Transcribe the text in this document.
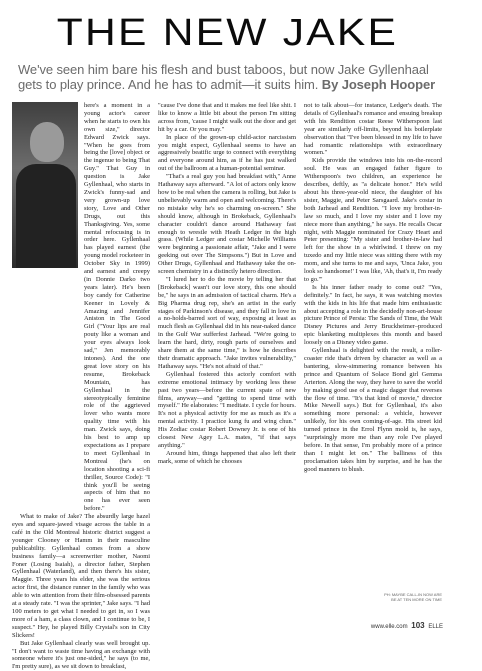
THE NEW JAKE
We've seen him bare his flesh and bust taboos, but now Jake Gyllenhaal gets to play prince. And he has to admit—it suits him. By Joseph Hooper

here's a moment in a young actor's career when he starts to own his own size," director Edward Zwick says. "When he goes from being the [love] object or the ingenue to being That Guy." That Guy in question is Jake Gyllenhaal, who starts in Zwick's funny-sad and very grown-up love story, Love and Other Drugs, out this Thanksgiving. Yes, some mental refocusing is in order here. Gyllenhaal has played earnest (the young model rocketeer in October Sky in 1999) and earnest and creepy (in Donnie Darko two years later). He's been boy candy for Catherine Keener in Lovely & Amazing and Jennifer Aniston in The Good Girl ("Your lips are real pouty like a woman and your eyes always look sad," Jen memorably intones). And the one great love story on his resume, Brokeback Mountain, has Gyllenhaal in the stereotypically feminine role of the aggrieved lover who wants more quality time with his man. Zwick says, doing his best to amp up expectations as I prepare to meet Gyllenhaal in Montreal (he's on location shooting a sci-fi thriller, Source Code): "I think you'll be seeing aspects of him that no one has ever seen before."

What to make of Jake? The absurdly large hazel eyes and square-jawed visage across the table in a café in the Old Montreal historic district suggest a younger Clooney or Hamm in their masculine publicability. Gyllenhaal comes from a show business family—a screenwriter mother, Naomi Foner (Losing Isaiah), a director father, Stephen Gyllenhaal (Waterland), and then there's his sister, Maggie. Three years his elder, she was the serious actor first, the distance runner in the family who was able to win attention from their film-obsessed parents at a steady rate. "I was the sprinter," Jake says. "I had 100 meters to get what I needed to get in, so I was more of a ham, a class clown, and I continue to be, I suspect." Hey, he played Billy Crystal's son in City Slickers!

But Jake Gyllenhaal clearly was well brought up. "I don't want to waste time having an exchange with someone where it's just one-sided," he says (to me, I'm pretty sure), as we sit down to breakfast,

"cause I've done that and it makes me feel like shit. I like to know a little bit about the person I'm sitting across from, 'cause I might walk out the door and get hit by a car. Or you may."

In place of the grown-up child-actor narcissism you might expect, Gyllenhaal seems to have an aggressively beatific urge to connect with everything and everyone around him, as if he has just walked out of the ballroom at a human-potential seminar.

"That's a real guy you had breakfast with," Anne Hathaway says afterward. "A lot of actors only know how to be real when the camera is rolling, but Jake is unbelievably warm and open and welcoming. There's no mistake why he's so charming on-screen." She should know, although in Brokeback, Gyllenhaal's character couldn't dance around Hathaway fast enough to wrestle with Heath Ledger in the high grass. (While Ledger and costar Michelle Williams were beginning a passionate affair, "Jake and I were geeking out over The Simpsons.") But in Love and Other Drugs, Gyllenhaal and Hathaway take the on-screen chemistry in a distinctly hetero direction.

"I lured her to do the movie by telling her that [Brokeback] wasn't our love story, this one should be," he says in an admission of tactical charm. He's a Big Pharma drug rep, she's an artist in the early stages of Parkinson's disease, and they fall in love in a no-holds-barred sort of way, exposing at least as much flesh as Gyllenhaal did in his near-naked dance in the Gulf War sufferfest Jarhead. "We're going to learn the hard, dirty, rough parts of ourselves and share them at the same time," is how he describes their dramatic approach. "Jake invites vulnerability," Hathaway says. "He's not afraid of that."

Gyllenhaal fostered this actorly comfort with extreme emotional intimacy by working less these past two years—before the current spate of new films, anyway—and "getting to spend time with myself." He elaborates: "I meditate. I cycle for hours. It's not a physical activity for me as much as it's a mental activity. I practice kung fu and wing chun." His Zodiac costar Robert Downey Jr. is one of his closest New Agey L.A. mates, "if that says anything."

Around him, things happened that also left their mark, some of which he chooses

not to talk about—for instance, Ledger's death. The details of Gyllenhaal's romance and ensuing breakup with his Rendition costar Reese Witherspoon last year are similarly off-limits, beyond his boilerplate observation that "I've been blessed in my life to have had romantic relationships with extraordinary women."

Kids provide the windows into his on-the-record soul. He was an engaged father figure to Witherspoon's two children, an experience he describes, deftly, as "a delicate honor." He's wild about his three-year-old niece, the daughter of his sister, Maggie, and Peter Sarsgaard. Jake's costar in both Jarhead and Rendition. "I love my brother-in-law so much, and I love my sister and I love my niece more than anything," he says. He recalls Oscar night, with Maggie nominated for Crazy Heart and Peter presenting: "My sister and brother-in-law had left for the show in a whirlwind. I threw on my tuxedo and my little niece was sitting there with my mom, and she turns to me and says, 'Unca Jake, you look so handsome!' I was like, 'Ah, that's it, I'm ready to go.'"

Is his inner father ready to come out? "Yes, definitely." In fact, he says, it was watching movies with the kids in his life that made him enthusiastic about accepting a role in the decidedly non-art-house picture Prince of Persia: The Sands of Time, the Walt Disney Pictures and Jerry Bruckheimer–produced epic blanketing multiplexes this month and based loosely on a Disney video game.

Gyllenhaal is delighted with the result, a roller-coaster ride that's driven by character as well as a bantering, slow-simmering romance between his prince and Quantum of Solace Bond girl Gemma Arterton. Along the way, they have to save the world by making good use of a magic dagger that reverses the flow of time. "It's that kind of movie," director Mike Newell says.) But for Gyllenhaal, it's also something more personal: a vehicle, however unlikely, for his own coming-of-age. His street kid turned prince in the Errol Flynn mold is, he says, "surprisingly more me than any role I've played before. In that sense, I'm probably more of a prince than I might let on." The balliness of this proclamation takes him by surprise, and he has the good manners to blush.

PH: MAYBE CALL-IN NOW ARE BE AT TEN MORE ON TIME
www.elle.com 103 ELLE
